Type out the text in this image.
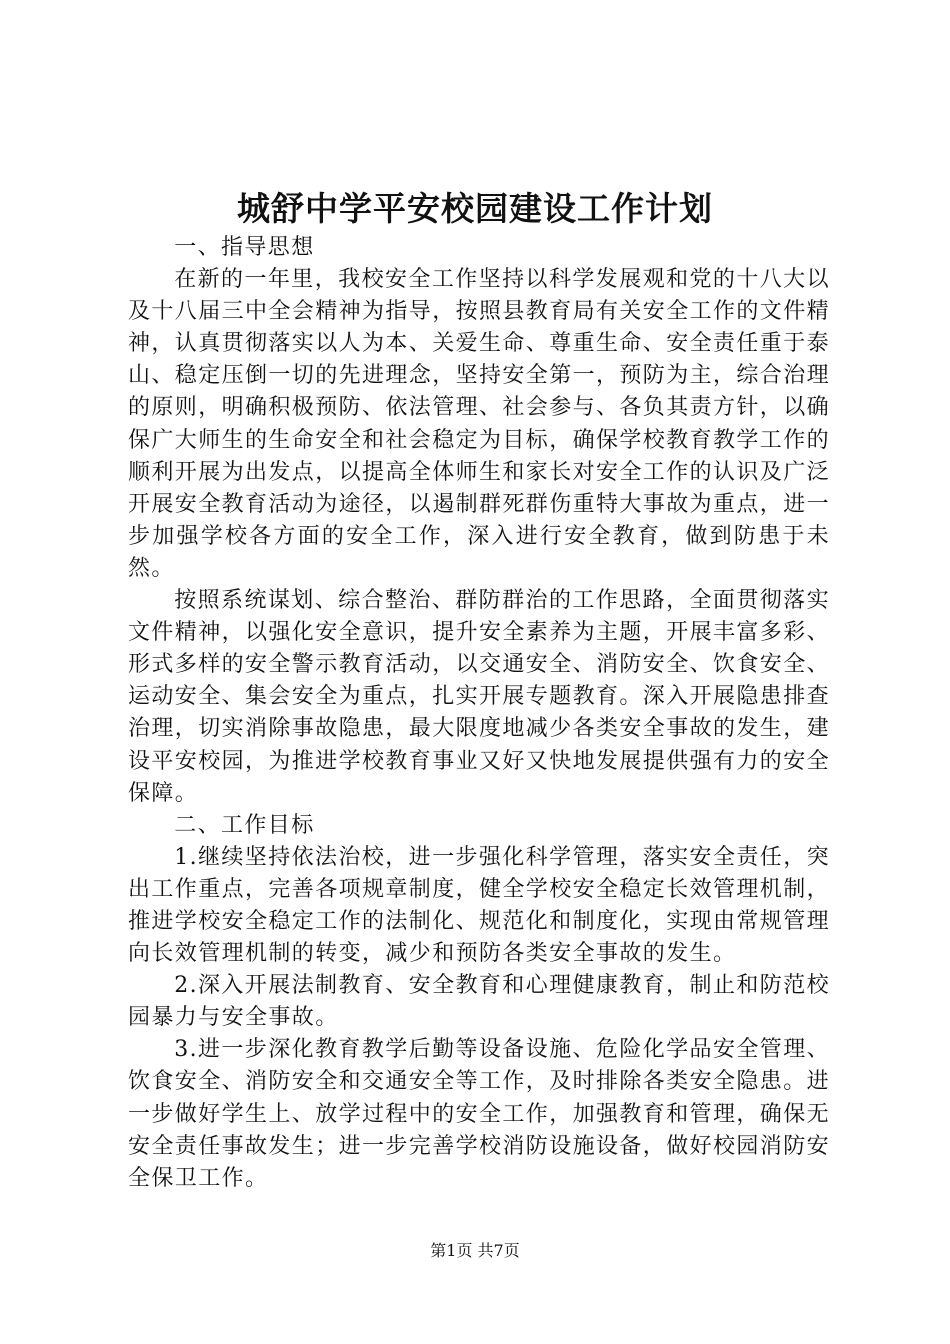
城舒中学平安校园建设工作计划

一、指导思想

在新的一年里，我校安全工作坚持以科学发展观和党的十八大以及十八届三中全会精神为指导，按照县教育局有关安全工作的文件精神，认真贯彻落实以人为本、关爱生命、尊重生命、安全责任重于泰山、稳定压倒一切的先进理念，坚持安全第一，预防为主，综合治理的原则，明确积极预防、依法管理、社会参与、各负其责方针，以确保广大师生的生命安全和社会稳定为目标，确保学校教育教学工作的顺利开展为出发点，以提高全体师生和家长对安全工作的认识及广泛开展安全教育活动为途径，以遏制群死群伤重特大事故为重点，进一步加强学校各方面的安全工作，深入进行安全教育，做到防患于未然。

按照系统谋划、综合整治、群防群治的工作思路，全面贯彻落实文件精神，以强化安全意识，提升安全素养为主题，开展丰富多彩、形式多样的安全警示教育活动，以交通安全、消防安全、饮食安全、运动安全、集会安全为重点，扎实开展专题教育。深入开展隐患排查治理，切实消除事故隐患，最大限度地减少各类安全事故的发生，建设平安校园，为推进学校教育事业又好又快地发展提供强有力的安全保障。

二、工作目标

1.继续坚持依法治校，进一步强化科学管理，落实安全责任，突出工作重点，完善各项规章制度，健全学校安全稳定长效管理机制，推进学校安全稳定工作的法制化、规范化和制度化，实现由常规管理向长效管理机制的转变，减少和预防各类安全事故的发生。

2.深入开展法制教育、安全教育和心理健康教育，制止和防范校园暴力与安全事故。

3.进一步深化教育教学后勤等设备设施、危险化学品安全管理、饮食安全、消防安全和交通安全等工作，及时排除各类安全隐患。进一步做好学生上、放学过程中的安全工作，加强教育和管理，确保无安全责任事故发生；进一步完善学校消防设施设备，做好校园消防安全保卫工作。

第1页 共7页
